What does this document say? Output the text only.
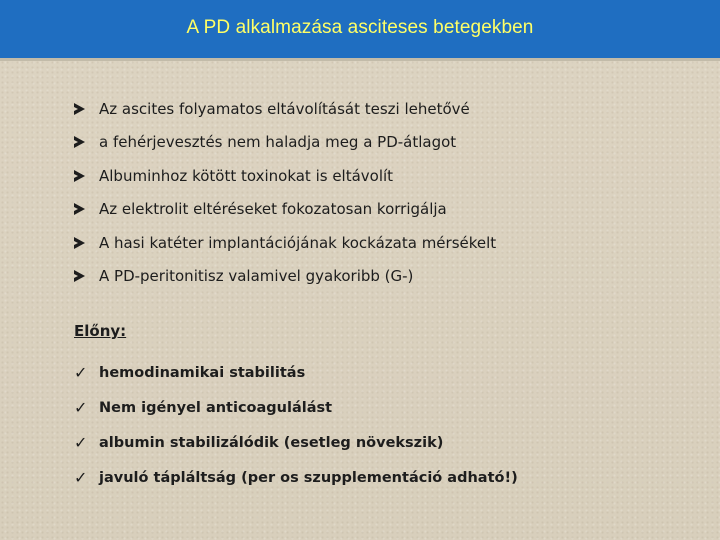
A PD alkalmazása asciteses betegekben
Az ascites folyamatos eltávolítását teszi lehetővé
a fehérjevesztés nem haladja meg a PD-átlagot
Albuminhoz kötött toxinokat is eltávolít
Az elektrolit eltéréseket fokozatosan korrigálja
A hasi katéter implantációjának kockázata mérsékelt
A PD-peritonitisz valamivel gyakoribb (G-)
Előny:
✓ hemodinamikai stabilitás
✓ Nem igényel anticoagulálást
✓ albumin stabilizálódik (esetleg növekszik)
✓ javuló tápláltság (per os szupplementáció adható!)
